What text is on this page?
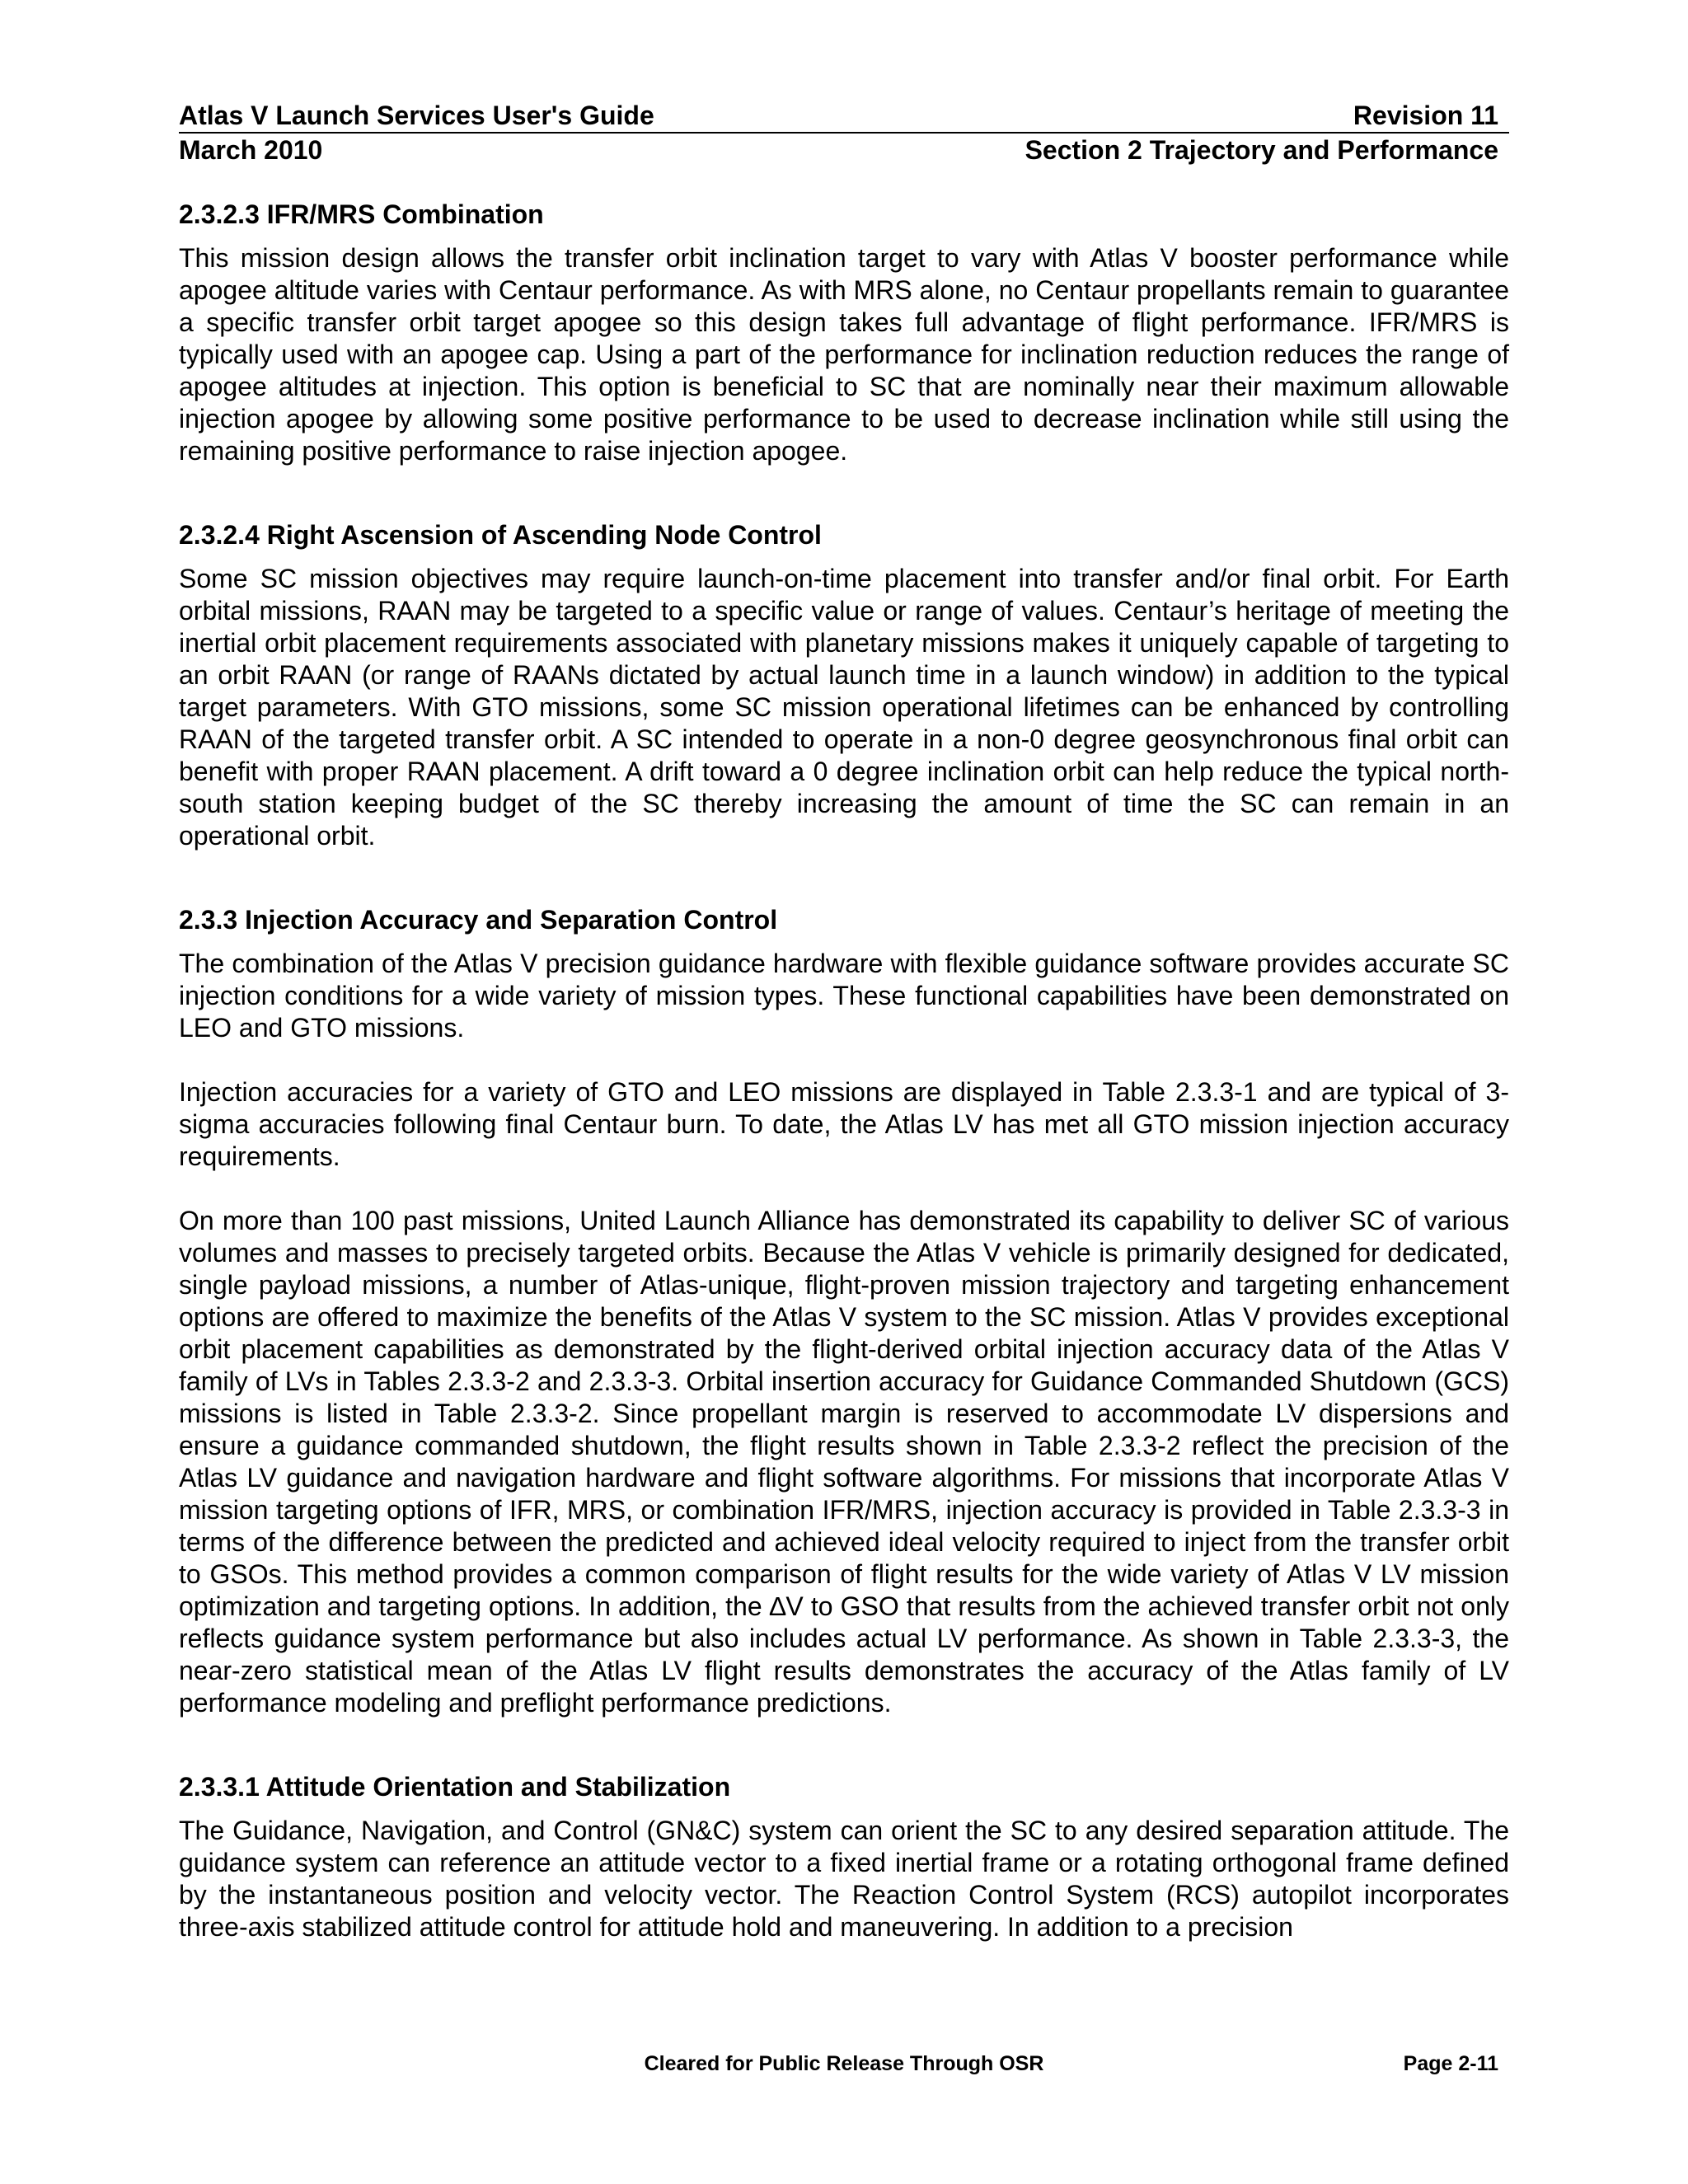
Atlas V Launch Services User's Guide	Revision 11
March 2010	Section 2 Trajectory and Performance
2.3.2.3 IFR/MRS Combination

This mission design allows the transfer orbit inclination target to vary with Atlas V booster performance while apogee altitude varies with Centaur performance. As with MRS alone, no Centaur propellants remain to guarantee a specific transfer orbit target apogee so this design takes full advantage of flight performance. IFR/MRS is typically used with an apogee cap. Using a part of the performance for inclination reduction reduces the range of apogee altitudes at injection. This option is beneficial to SC that are nominally near their maximum allowable injection apogee by allowing some positive performance to be used to decrease inclination while still using the remaining positive performance to raise injection apogee.

2.3.2.4 Right Ascension of Ascending Node Control

Some SC mission objectives may require launch-on-time placement into transfer and/or final orbit. For Earth orbital missions, RAAN may be targeted to a specific value or range of values. Centaur’s heritage of meeting the inertial orbit placement requirements associated with planetary missions makes it uniquely capable of targeting to an orbit RAAN (or range of RAANs dictated by actual launch time in a launch window) in addition to the typical target parameters. With GTO missions, some SC mission operational lifetimes can be enhanced by controlling RAAN of the targeted transfer orbit. A SC intended to operate in a non-0 degree geosynchronous final orbit can benefit with proper RAAN placement. A drift toward a 0 degree inclination orbit can help reduce the typical north-south station keeping budget of the SC thereby increasing the amount of time the SC can remain in an operational orbit.

2.3.3 Injection Accuracy and Separation Control

The combination of the Atlas V precision guidance hardware with flexible guidance software provides accurate SC injection conditions for a wide variety of mission types. These functional capabilities have been demonstrated on LEO and GTO missions.

Injection accuracies for a variety of GTO and LEO missions are displayed in Table 2.3.3-1 and are typical of 3-sigma accuracies following final Centaur burn. To date, the Atlas LV has met all GTO mission injection accuracy requirements.

On more than 100 past missions, United Launch Alliance has demonstrated its capability to deliver SC of various volumes and masses to precisely targeted orbits. Because the Atlas V vehicle is primarily designed for dedicated, single payload missions, a number of Atlas-unique, flight-proven mission trajectory and targeting enhancement options are offered to maximize the benefits of the Atlas V system to the SC mission. Atlas V provides exceptional orbit placement capabilities as demonstrated by the flight-derived orbital injection accuracy data of the Atlas V family of LVs in Tables 2.3.3-2 and 2.3.3-3. Orbital insertion accuracy for Guidance Commanded Shutdown (GCS) missions is listed in Table 2.3.3-2. Since propellant margin is reserved to accommodate LV dispersions and ensure a guidance commanded shutdown, the flight results shown in Table 2.3.3-2 reflect the precision of the Atlas LV guidance and navigation hardware and flight software algorithms. For missions that incorporate Atlas V mission targeting options of IFR, MRS, or combination IFR/MRS, injection accuracy is provided in Table 2.3.3-3 in terms of the difference between the predicted and achieved ideal velocity required to inject from the transfer orbit to GSOs. This method provides a common comparison of flight results for the wide variety of Atlas V LV mission optimization and targeting options. In addition, the ∆V to GSO that results from the achieved transfer orbit not only reflects guidance system performance but also includes actual LV performance. As shown in Table 2.3.3-3, the near-zero statistical mean of the Atlas LV flight results demonstrates the accuracy of the Atlas family of LV performance modeling and preflight performance predictions.

2.3.3.1 Attitude Orientation and Stabilization

The Guidance, Navigation, and Control (GN&C) system can orient the SC to any desired separation attitude. The guidance system can reference an attitude vector to a fixed inertial frame or a rotating orthogonal frame defined by the instantaneous position and velocity vector. The Reaction Control System (RCS) autopilot incorporates three-axis stabilized attitude control for attitude hold and maneuvering. In addition to a precision

Cleared for Public Release Through OSR	Page 2-11
